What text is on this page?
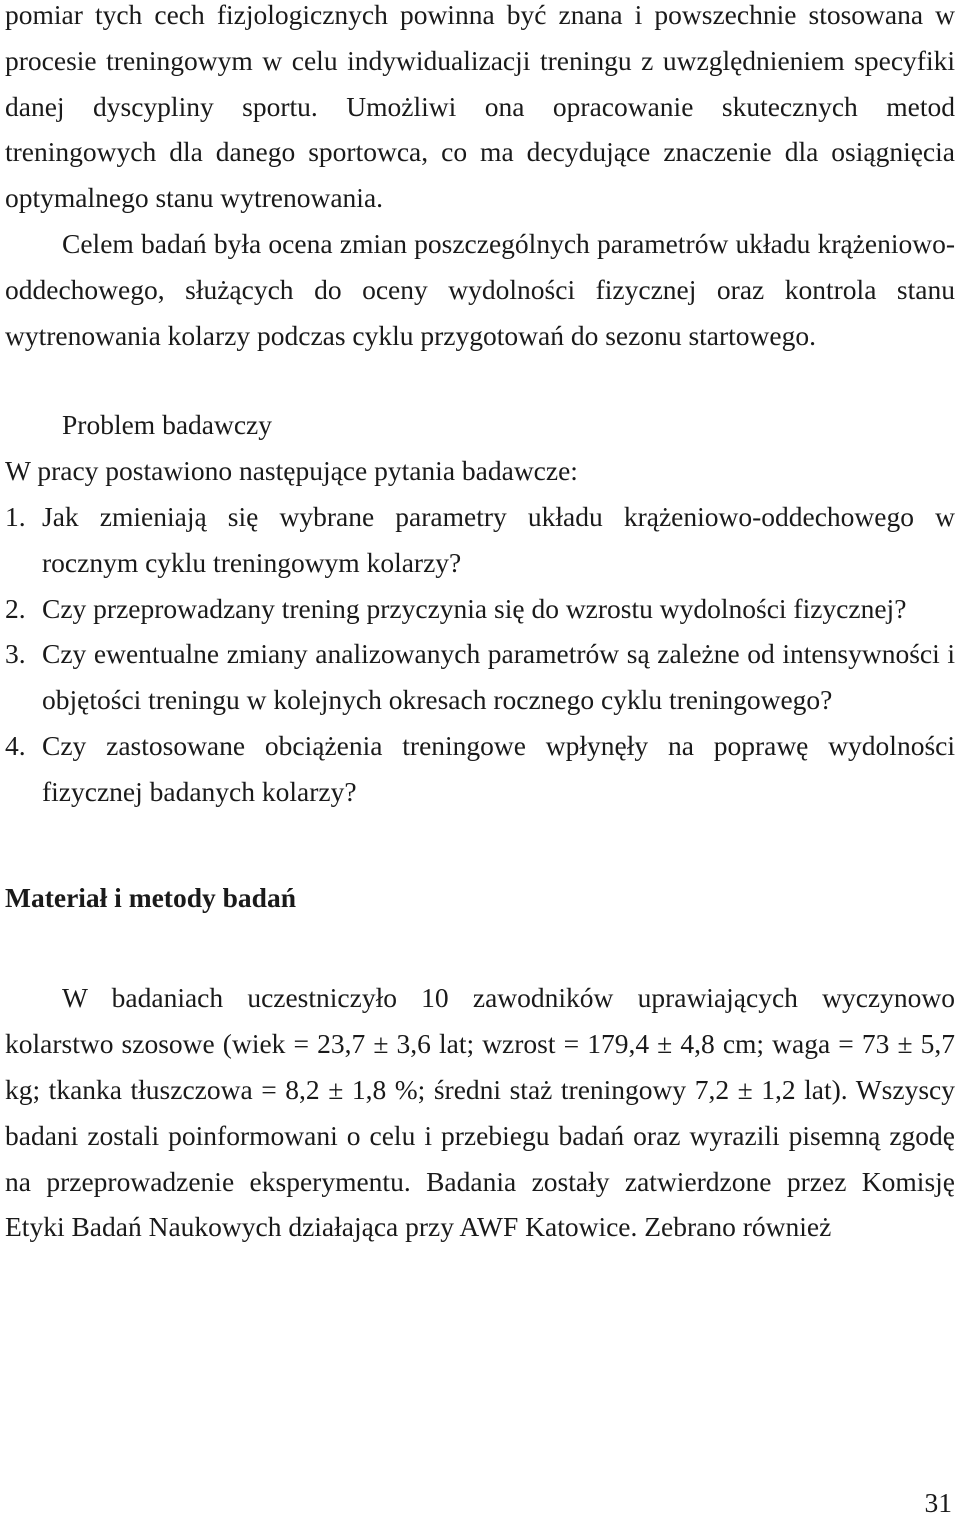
pomiar tych cech fizjologicznych powinna być znana i powszechnie stosowana w procesie treningowym w celu indywidualizacji treningu z uwzględnieniem specyfiki danej dyscypliny sportu. Umożliwi ona opracowanie skutecznych metod treningowych dla danego sportowca, co ma decydujące znaczenie dla osiągnięcia optymalnego stanu wytrenowania.

Celem badań była ocena zmian poszczególnych parametrów układu krążeniowo-oddechowego, służących do oceny wydolności fizycznej oraz kontrola stanu wytrenowania kolarzy podczas cyklu przygotowań do sezonu startowego.

Problem badawczy

W pracy postawiono następujące pytania badawcze:

1. Jak zmieniają się wybrane parametry układu krążeniowo-oddechowego w rocznym cyklu treningowym kolarzy?
2. Czy przeprowadzany trening przyczynia się do wzrostu wydolności fizycznej?
3. Czy ewentualne zmiany analizowanych parametrów są zależne od intensywności i objętości treningu w kolejnych okresach rocznego cyklu treningowego?
4. Czy zastosowane obciążenia treningowe wpłynęły na poprawę wydolności fizycznej badanych kolarzy?
Materiał i metody badań

W badaniach uczestniczyło 10 zawodników uprawiających wyczynowo kolarstwo szosowe (wiek = 23,7 ± 3,6 lat; wzrost = 179,4 ± 4,8 cm; waga = 73 ± 5,7 kg; tkanka tłuszczowa = 8,2 ± 1,8 %; średni staż treningowy 7,2 ± 1,2 lat). Wszyscy badani zostali poinformowani o celu i przebiegu badań oraz wyrazili pisemną zgodę na przeprowadzenie eksperymentu. Badania zostały zatwierdzone przez Komisję Etyki Badań Naukowych działająca przy AWF Katowice. Zebrano również

31
